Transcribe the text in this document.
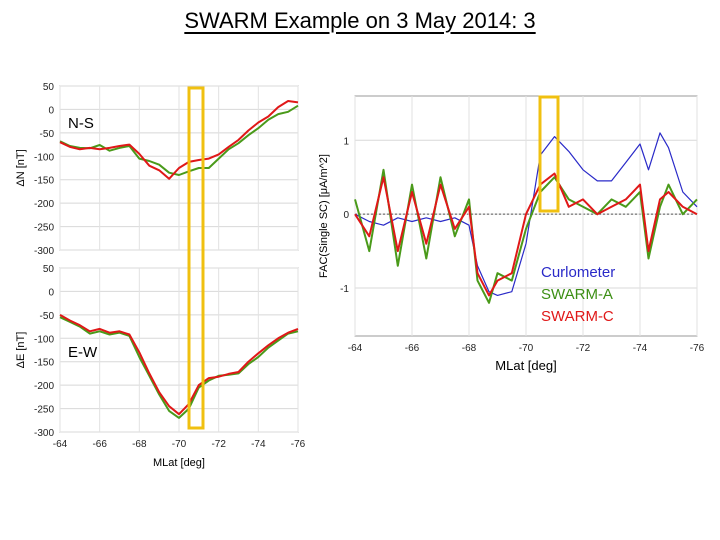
SWARM Example on 3 May 2014: 3
50
0
-50
-100
-150
-200
-250
-300
ΔN [nT]
N-S
50
0
-50
-100
-150
-200
-250
-300
-64	-66	-68	-70	-72	-74	-76
ΔE [nT]
MLat [deg]
E-W
1
0
-1
-64	-66	-68	-70	-72	-74	-76
FAC(Single SC) [μA/m^2]
MLat [deg]
Curlometer
SWARM-A
SWARM-C
